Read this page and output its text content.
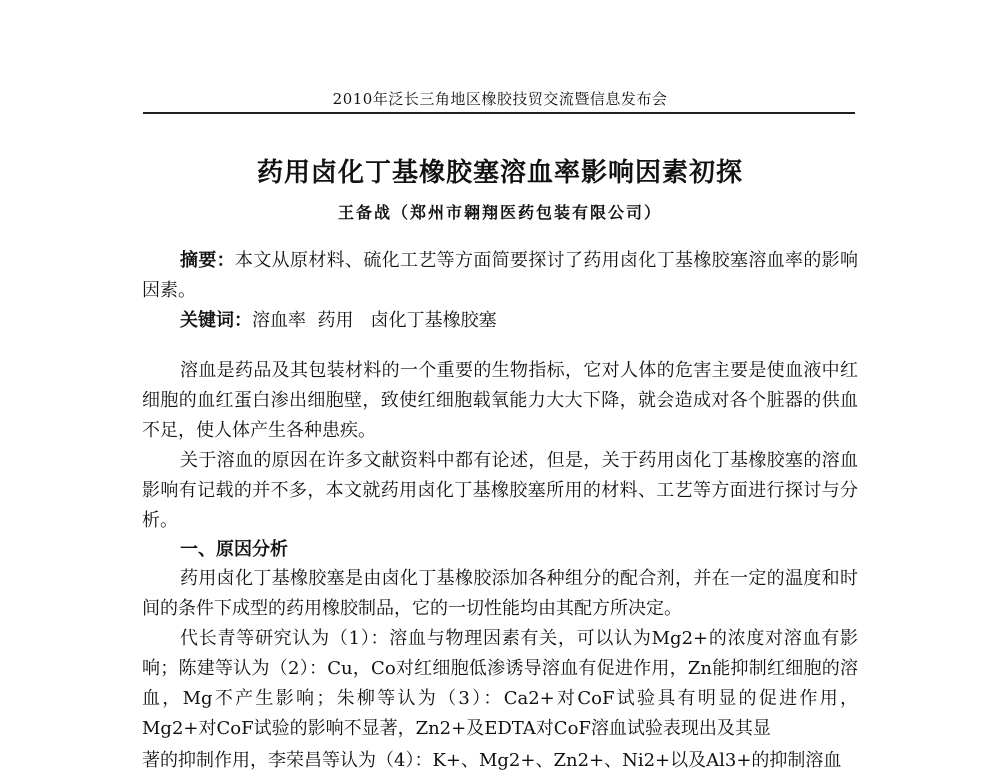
2010年泛长三角地区橡胶技贸交流暨信息发布会
药用卤化丁基橡胶塞溶血率影响因素初探
王备战（郑州市翱翔医药包装有限公司）
摘要：本文从原材料、硫化工艺等方面简要探讨了药用卤化丁基橡胶塞溶血率的影响因素。
关键词：溶血率  药用   卤化丁基橡胶塞
溶血是药品及其包装材料的一个重要的生物指标，它对人体的危害主要是使血液中红细胞的血红蛋白渗出细胞壁，致使红细胞载氧能力大大下降，就会造成对各个脏器的供血不足，使人体产生各种患疾。
关于溶血的原因在许多文献资料中都有论述，但是，关于药用卤化丁基橡胶塞的溶血影响有记载的并不多，本文就药用卤化丁基橡胶塞所用的材料、工艺等方面进行探讨与分析。
一、原因分析
药用卤化丁基橡胶塞是由卤化丁基橡胶添加各种组分的配合剂，并在一定的温度和时间的条件下成型的药用橡胶制品，它的一切性能均由其配方所决定。
代长青等研究认为（1）：溶血与物理因素有关，可以认为Mg2+的浓度对溶血有影响；陈建等认为（2）：Cu，Co对红细胞低渗诱导溶血有促进作用，Zn能抑制红细胞的溶血，Mg不产生影响；朱柳等认为（3）：Ca2+对CoF试验具有明显的促进作用，Mg2+对CoF试验的影响不显著，Zn2+及EDTA对CoF溶血试验表现出及其显
著的抑制作用，李荣昌等认为（4）：K+、Mg2+、Zn2+、Ni2+以及Al3+的抑制溶血
